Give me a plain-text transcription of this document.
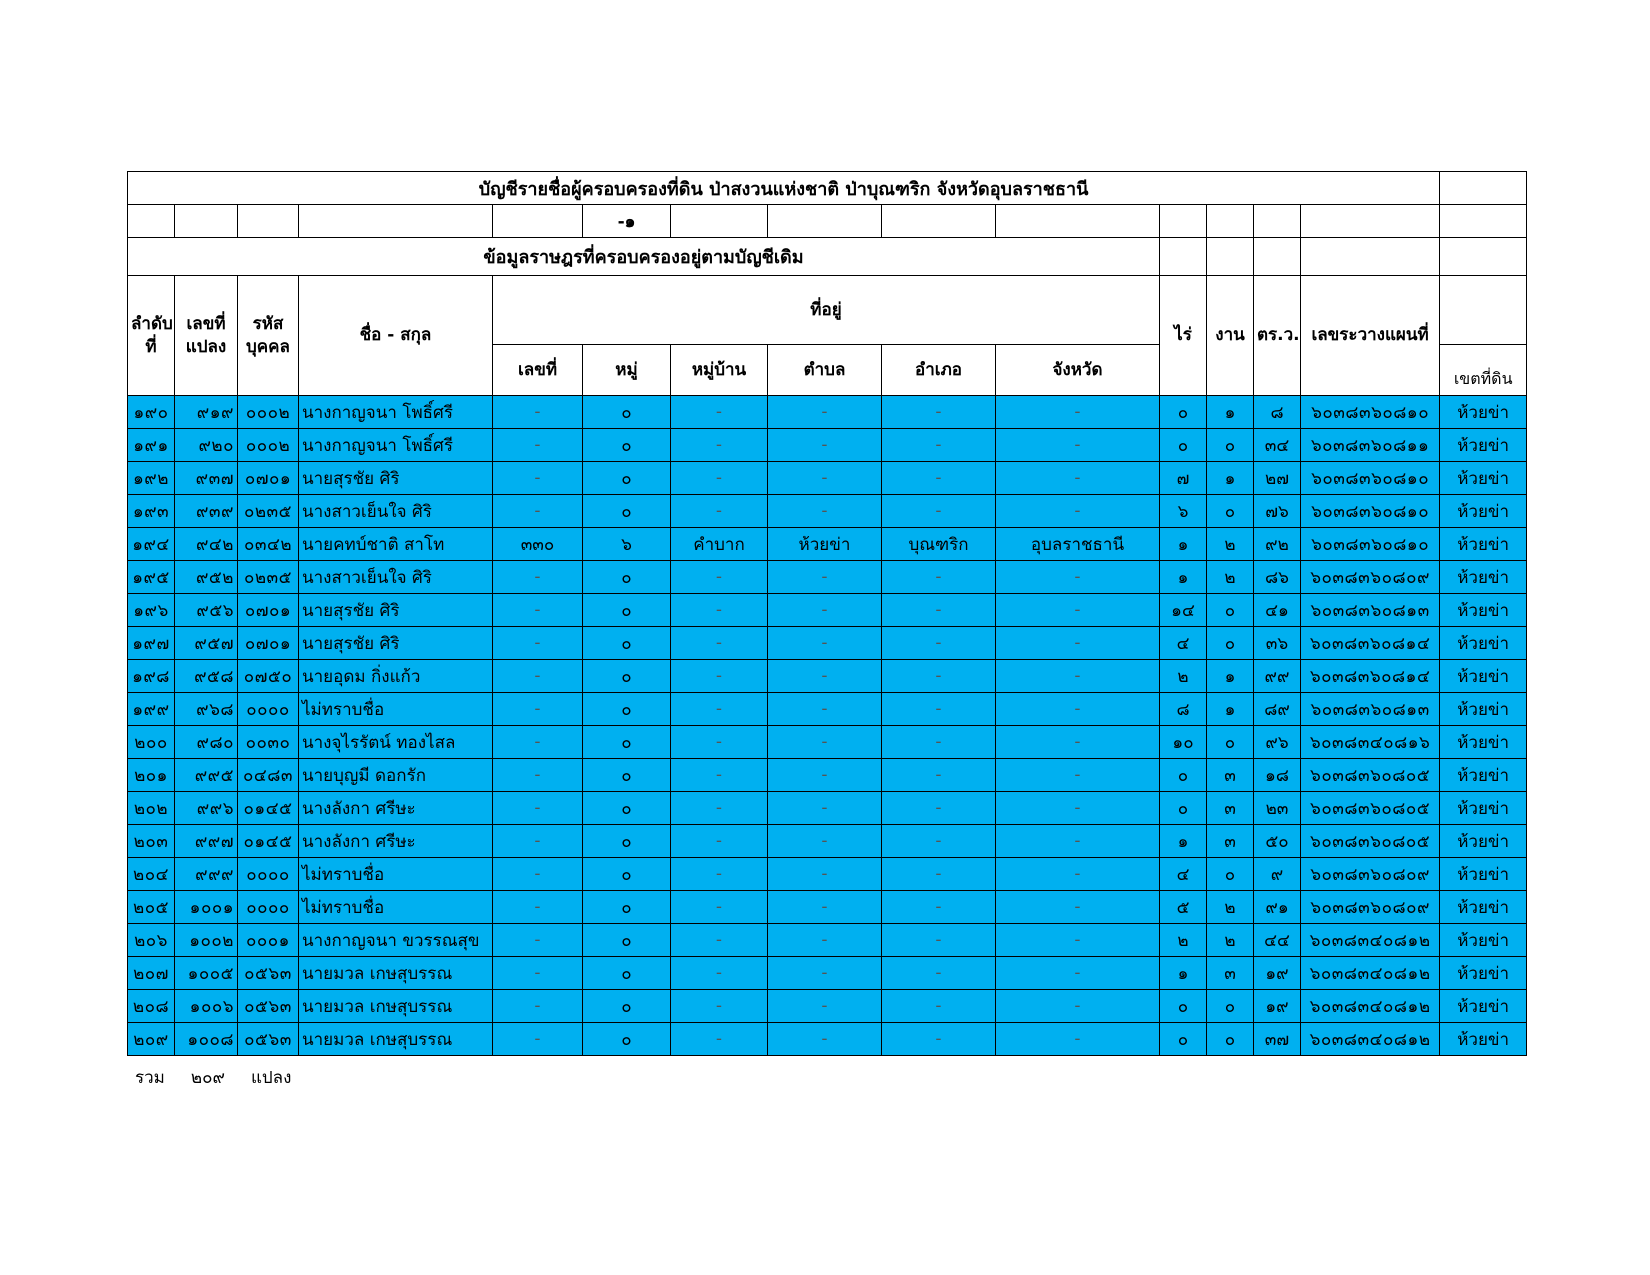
บัญชีรายชื่อผู้ครอบครองที่ดิน ป่าสงวนแห่งชาติ ป่าบุณฑริก จังหวัดอุบลราชธานี														
					-๑									
ข้อมูลราษฎรที่ครอบครองอยู่ตามบัญชีเดิม														
ลำดับที่	เลขที่แปลง	รหัสบุคคล	ชื่อ - สกุล	ที่อยู่						ไร่	งาน	ตร.ว.	เลขระวางแผนที่	
				เลขที่	หมู่	หมู่บ้าน	ตำบล	อำเภอ	จังหวัด					เขตที่ดิน
๑๙๐	๙๑๙	๐๐๐๒	นางกาญจนา โพธิ์ศรี	-	๐	-	-	-	-	๐	๑	๘	๖๐๓๘๓๖๐๘๑๐	ห้วยข่า
๑๙๑	๙๒๐	๐๐๐๒	นางกาญจนา โพธิ์ศรี	-	๐	-	-	-	-	๐	๐	๓๔	๖๐๓๘๓๖๐๘๑๑	ห้วยข่า
๑๙๒	๙๓๗	๐๗๐๑	นายสุรชัย ศิริ	-	๐	-	-	-	-	๗	๑	๒๗	๖๐๓๘๓๖๐๘๑๐	ห้วยข่า
๑๙๓	๙๓๙	๐๒๓๕	นางสาวเย็นใจ ศิริ	-	๐	-	-	-	-	๖	๐	๗๖	๖๐๓๘๓๖๐๘๑๐	ห้วยข่า
๑๙๔	๙๔๒	๐๓๔๒	นายคทบ์ชาติ สาโท	๓๓๐	๖	คำบาก	ห้วยข่า	บุณฑริก	อุบลราชธานี	๑	๒	๙๒	๖๐๓๘๓๖๐๘๑๐	ห้วยข่า
๑๙๕	๙๕๒	๐๒๓๕	นางสาวเย็นใจ ศิริ	-	๐	-	-	-	-	๑	๒	๘๖	๖๐๓๘๓๖๐๘๐๙	ห้วยข่า
๑๙๖	๙๕๖	๐๗๐๑	นายสุรชัย ศิริ	-	๐	-	-	-	-	๑๔	๐	๔๑	๖๐๓๘๓๖๐๘๑๓	ห้วยข่า
๑๙๗	๙๕๗	๐๗๐๑	นายสุรชัย ศิริ	-	๐	-	-	-	-	๔	๐	๓๖	๖๐๓๘๓๖๐๘๑๔	ห้วยข่า
๑๙๘	๙๕๘	๐๗๕๐	นายอุดม กิ่งแก้ว	-	๐	-	-	-	-	๒	๑	๙๙	๖๐๓๘๓๖๐๘๑๔	ห้วยข่า
๑๙๙	๙๖๘	๐๐๐๐	ไม่ทราบชื่อ	-	๐	-	-	-	-	๘	๑	๘๙	๖๐๓๘๓๖๐๘๑๓	ห้วยข่า
๒๐๐	๙๘๐	๐๐๓๐	นางจุไรรัตน์ ทองไสล	-	๐	-	-	-	-	๑๐	๐	๙๖	๖๐๓๘๓๔๐๘๑๖	ห้วยข่า
๒๐๑	๙๙๕	๐๔๘๓	นายบุญมี ดอกรัก	-	๐	-	-	-	-	๐	๓	๑๘	๖๐๓๘๓๖๐๘๐๕	ห้วยข่า
๒๐๒	๙๙๖	๐๑๔๕	นางลังกา ศรีษะ	-	๐	-	-	-	-	๐	๓	๒๓	๖๐๓๘๓๖๐๘๐๕	ห้วยข่า
๒๐๓	๙๙๗	๐๑๔๕	นางลังกา ศรีษะ	-	๐	-	-	-	-	๑	๓	๕๐	๖๐๓๘๓๖๐๘๐๕	ห้วยข่า
๒๐๔	๙๙๙	๐๐๐๐	ไม่ทราบชื่อ	-	๐	-	-	-	-	๔	๐	๙	๖๐๓๘๓๖๐๘๐๙	ห้วยข่า
๒๐๕	๑๐๐๑	๐๐๐๐	ไม่ทราบชื่อ	-	๐	-	-	-	-	๕	๒	๙๑	๖๐๓๘๓๖๐๘๐๙	ห้วยข่า
๒๐๖	๑๐๐๒	๐๐๐๑	นางกาญจนา ขวรรณสุข	-	๐	-	-	-	-	๒	๒	๔๔	๖๐๓๘๓๔๐๘๑๒	ห้วยข่า
๒๐๗	๑๐๐๕	๐๕๖๓	นายมวล เกษสุบรรณ	-	๐	-	-	-	-	๑	๓	๑๙	๖๐๓๘๓๔๐๘๑๒	ห้วยข่า
๒๐๘	๑๐๐๖	๐๕๖๓	นายมวล เกษสุบรรณ	-	๐	-	-	-	-	๐	๐	๑๙	๖๐๓๘๓๔๐๘๑๒	ห้วยข่า
๒๐๙	๑๐๐๘	๐๕๖๓	นายมวล เกษสุบรรณ	-	๐	-	-	-	-	๐	๐	๓๗	๖๐๓๘๓๔๐๘๑๒	ห้วยข่า
รวม ๒๐๙ แปลง
